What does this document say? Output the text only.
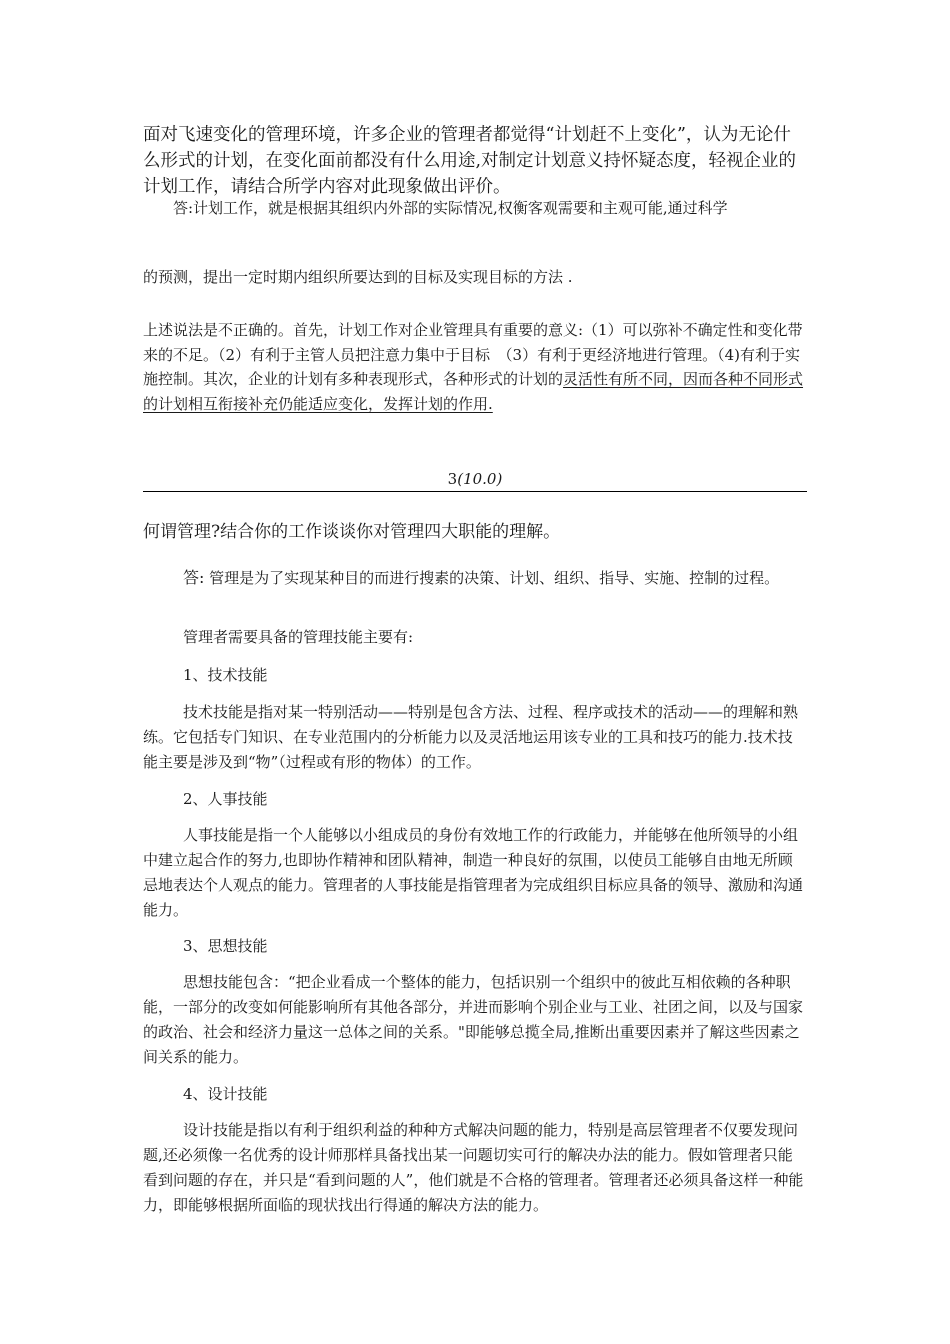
面对飞速变化的管理环境，许多企业的管理者都觉得“计划赶不上变化”，认为无论什么形式的计划，在变化面前都没有什么用途,对制定计划意义持怀疑态度，轻视企业的计划工作，请结合所学内容对此现象做出评价。

答:计划工作，就是根据其组织内外部的实际情况,权衡客观需要和主观可能,通过科学

的预测，提出一定时期内组织所要达到的目标及实现目标的方法 .

上述说法是不正确的。首先，计划工作对企业管理具有重要的意义:（1）可以弥补不确定性和变化带来的不足。（2）有利于主管人员把注意力集中于目标　（3）有利于更经济地进行管理。（4)有利于实施控制。其次，企业的计划有多种表现形式，各种形式的计划的灵活性有所不同，因而各种不同形式的计划相互衔接补充仍能适应变化，发挥计划的作用.

3(10.0)

何谓管理?结合你的工作谈谈你对管理四大职能的理解。

答: 管理是为了实现某种目的而进行搜素的决策、计划、组织、指导、实施、控制的过程。

管理者需要具备的管理技能主要有:

1、技术技能

技术技能是指对某一特别活动——特别是包含方法、过程、程序或技术的活动——的理解和熟练。它包括专门知识、在专业范围内的分析能力以及灵活地运用该专业的工具和技巧的能力.技术技能主要是涉及到“物”（过程或有形的物体）的工作。

2、人事技能

人事技能是指一个人能够以小组成员的身份有效地工作的行政能力，并能够在他所领导的小组中建立起合作的努力,也即协作精神和团队精神，制造一种良好的氛围，以使员工能够自由地无所顾忌地表达个人观点的能力。管理者的人事技能是指管理者为完成组织目标应具备的领导、激励和沟通能力。

3、思想技能

思想技能包含：“把企业看成一个整体的能力，包括识别一个组织中的彼此互相依赖的各种职能，一部分的改变如何能影响所有其他各部分，并进而影响个别企业与工业、社团之间，以及与国家的政治、社会和经济力量这一总体之间的关系。"即能够总揽全局,推断出重要因素并了解这些因素之间关系的能力。

4、设计技能

设计技能是指以有利于组织利益的种种方式解决问题的能力，特别是高层管理者不仅要发现问题,还必须像一名优秀的设计师那样具备找出某一问题切实可行的解决办法的能力。假如管理者只能看到问题的存在，并只是“看到问题的人”，他们就是不合格的管理者。管理者还必须具备这样一种能力，即能够根据所面临的现状找出行得通的解决方法的能力。
